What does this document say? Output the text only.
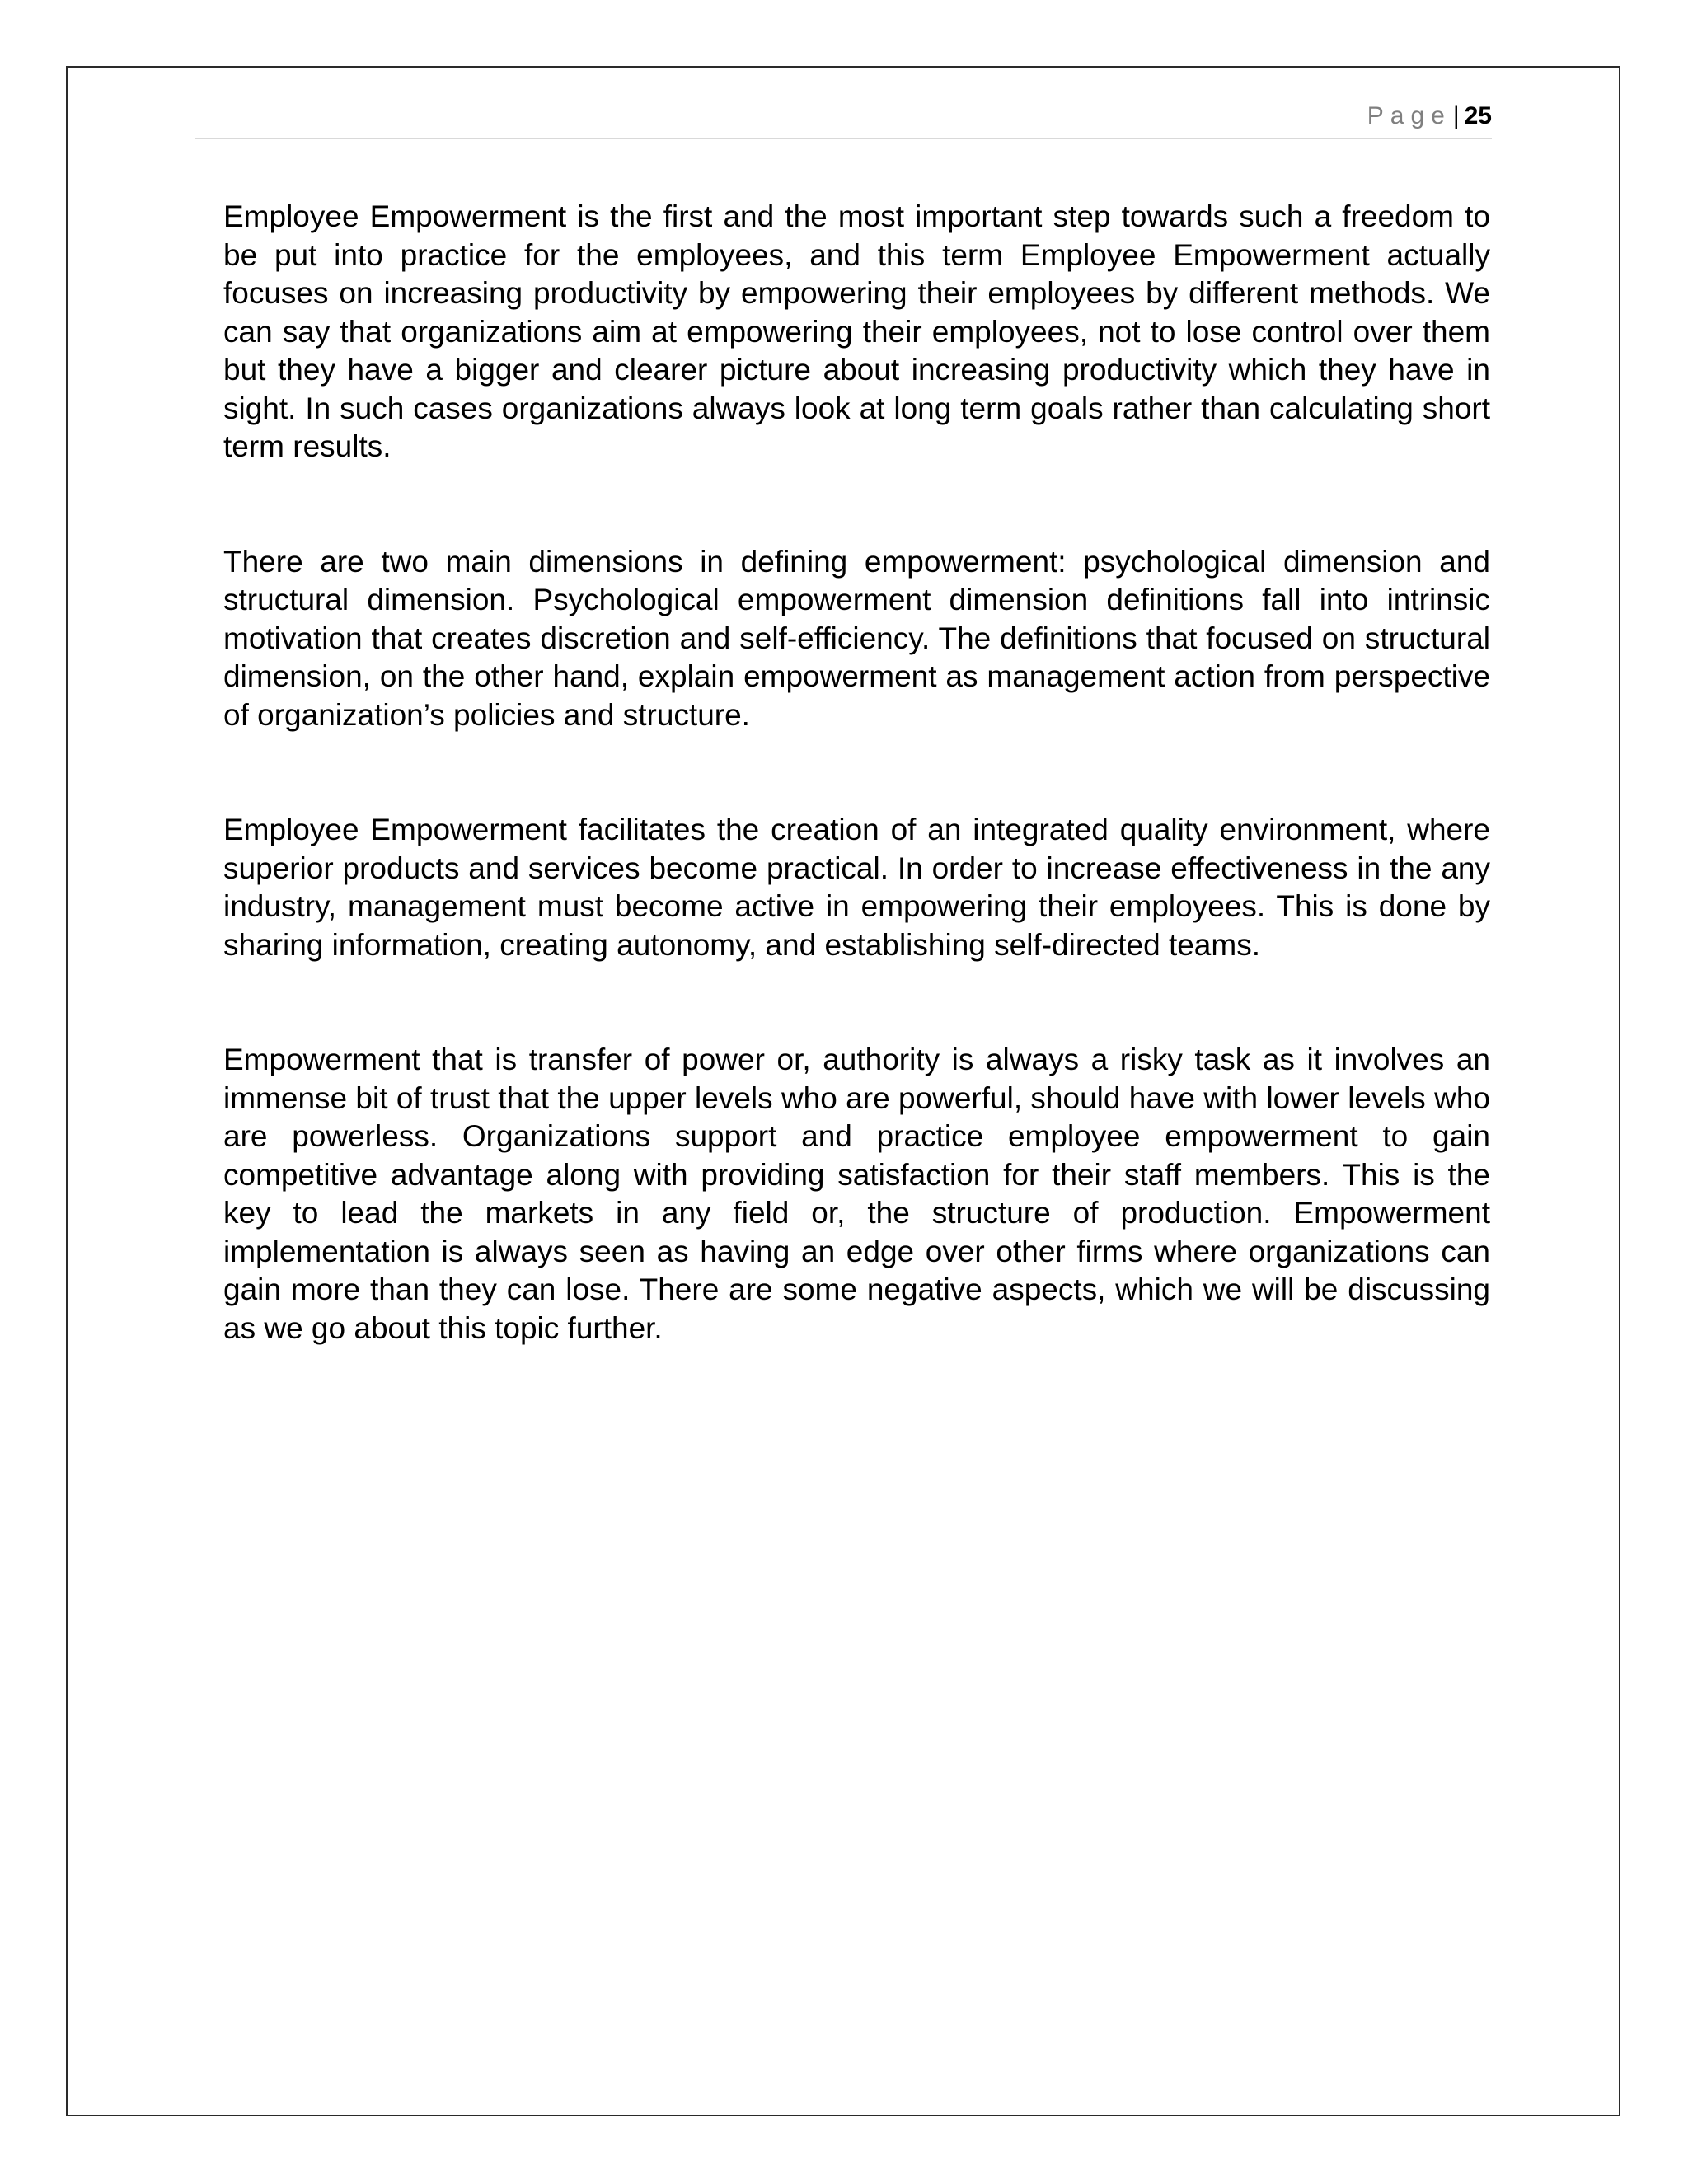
Page| 25

Employee Empowerment is the first and the most important step towards such a freedom to be put into practice for the employees, and this term Employee Empowerment actually focuses on increasing productivity by empowering their employees by different methods. We can say that organizations aim at empowering their employees, not to lose control over them but they have a bigger and clearer picture about increasing productivity which they have in sight. In such cases organizations always look at long term goals rather than calculating short term results.

There are two main dimensions in defining empowerment: psychological dimension and structural dimension. Psychological empowerment dimension definitions fall into intrinsic motivation that creates discretion and self-efficiency. The definitions that focused on structural dimension, on the other hand, explain empowerment as management action from perspective of organization’s policies and structure.

Employee Empowerment facilitates the creation of an integrated quality environment, where superior products and services become practical. In order to increase effectiveness in the any industry, management must become active in empowering their employees. This is done by sharing information, creating autonomy, and establishing self-directed teams.

Empowerment that is transfer of power or, authority is always a risky task as it involves an immense bit of trust that the upper levels who are powerful, should have with lower levels who are powerless. Organizations support and practice employee empowerment to gain competitive advantage along with providing satisfaction for their staff members. This is the key to lead the markets in any field or, the structure of production. Empowerment implementation is always seen as having an edge over other firms where organizations can gain more than they can lose. There are some negative aspects, which we will be discussing as we go about this topic further.
